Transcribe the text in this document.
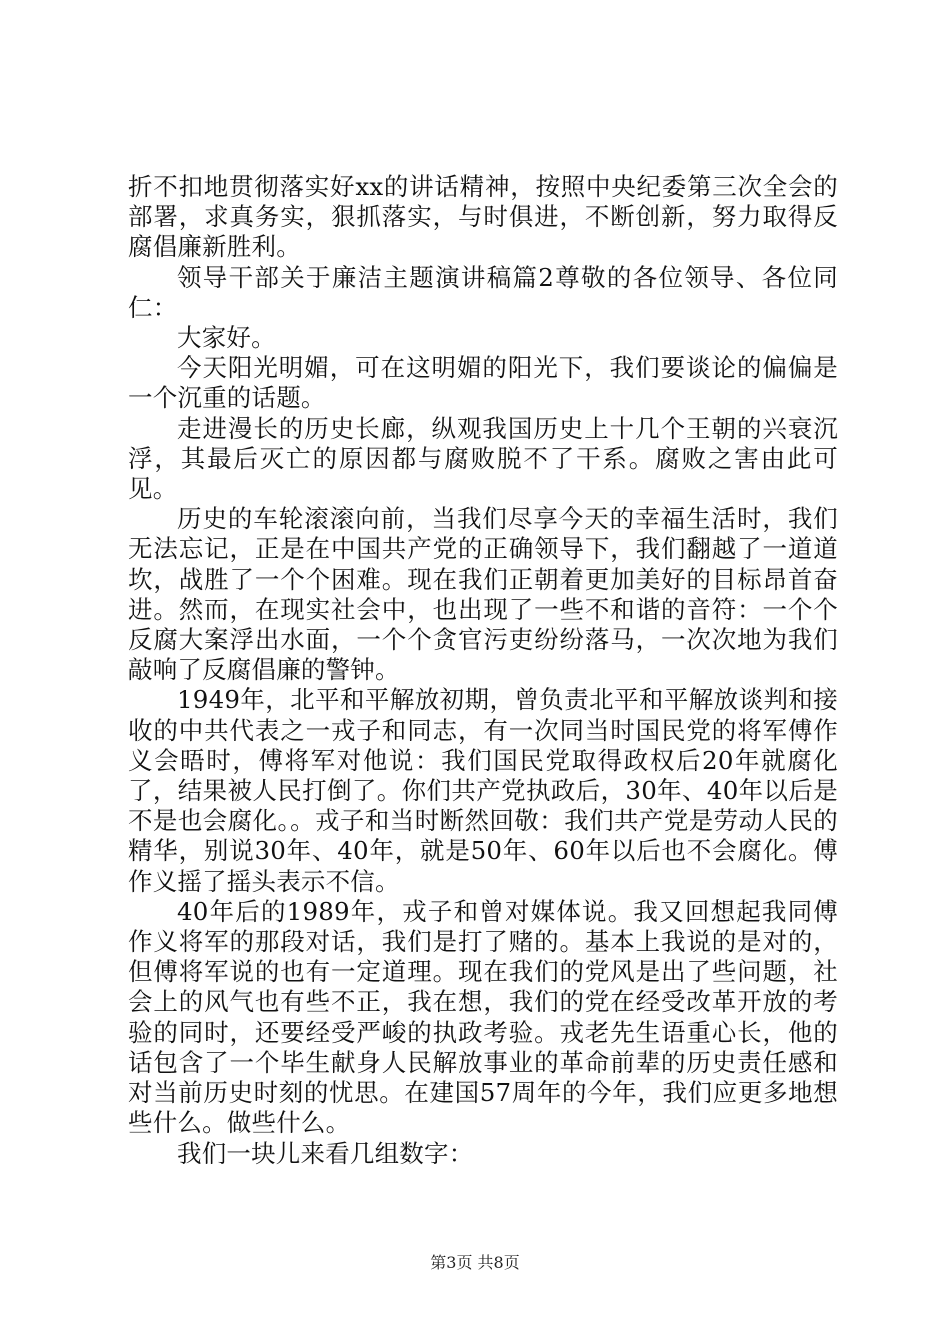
折不扣地贯彻落实好xx的讲话精神，按照中央纪委第三次全会的部署，求真务实，狠抓落实，与时俱进，不断创新，努力取得反腐倡廉新胜利。

领导干部关于廉洁主题演讲稿篇2尊敬的各位领导、各位同仁：

大家好。

今天阳光明媚，可在这明媚的阳光下，我们要谈论的偏偏是一个沉重的话题。

走进漫长的历史长廊，纵观我国历史上十几个王朝的兴衰沉浮，其最后灭亡的原因都与腐败脱不了干系。腐败之害由此可见。

历史的车轮滚滚向前，当我们尽享今天的幸福生活时，我们无法忘记，正是在中国共产党的正确领导下，我们翻越了一道道坎，战胜了一个个困难。现在我们正朝着更加美好的目标昂首奋进。然而，在现实社会中，也出现了一些不和谐的音符：一个个反腐大案浮出水面，一个个贪官污吏纷纷落马，一次次地为我们敲响了反腐倡廉的警钟。

1949年，北平和平解放初期，曾负责北平和平解放谈判和接收的中共代表之一戎子和同志，有一次同当时国民党的将军傅作义会晤时，傅将军对他说：我们国民党取得政权后20年就腐化了，结果被人民打倒了。你们共产党执政后，30年、40年以后是不是也会腐化。。戎子和当时断然回敬：我们共产党是劳动人民的精华，别说30年、40年，就是50年、60年以后也不会腐化。傅作义摇了摇头表示不信。

40年后的1989年，戎子和曾对媒体说。我又回想起我同傅作义将军的那段对话，我们是打了赌的。基本上我说的是对的，但傅将军说的也有一定道理。现在我们的党风是出了些问题，社会上的风气也有些不正，我在想，我们的党在经受改革开放的考验的同时，还要经受严峻的执政考验。戎老先生语重心长，他的话包含了一个毕生献身人民解放事业的革命前辈的历史责任感和对当前历史时刻的忧思。在建国57周年的今年，我们应更多地想些什么。做些什么。

我们一块儿来看几组数字：

第3页 共8页
